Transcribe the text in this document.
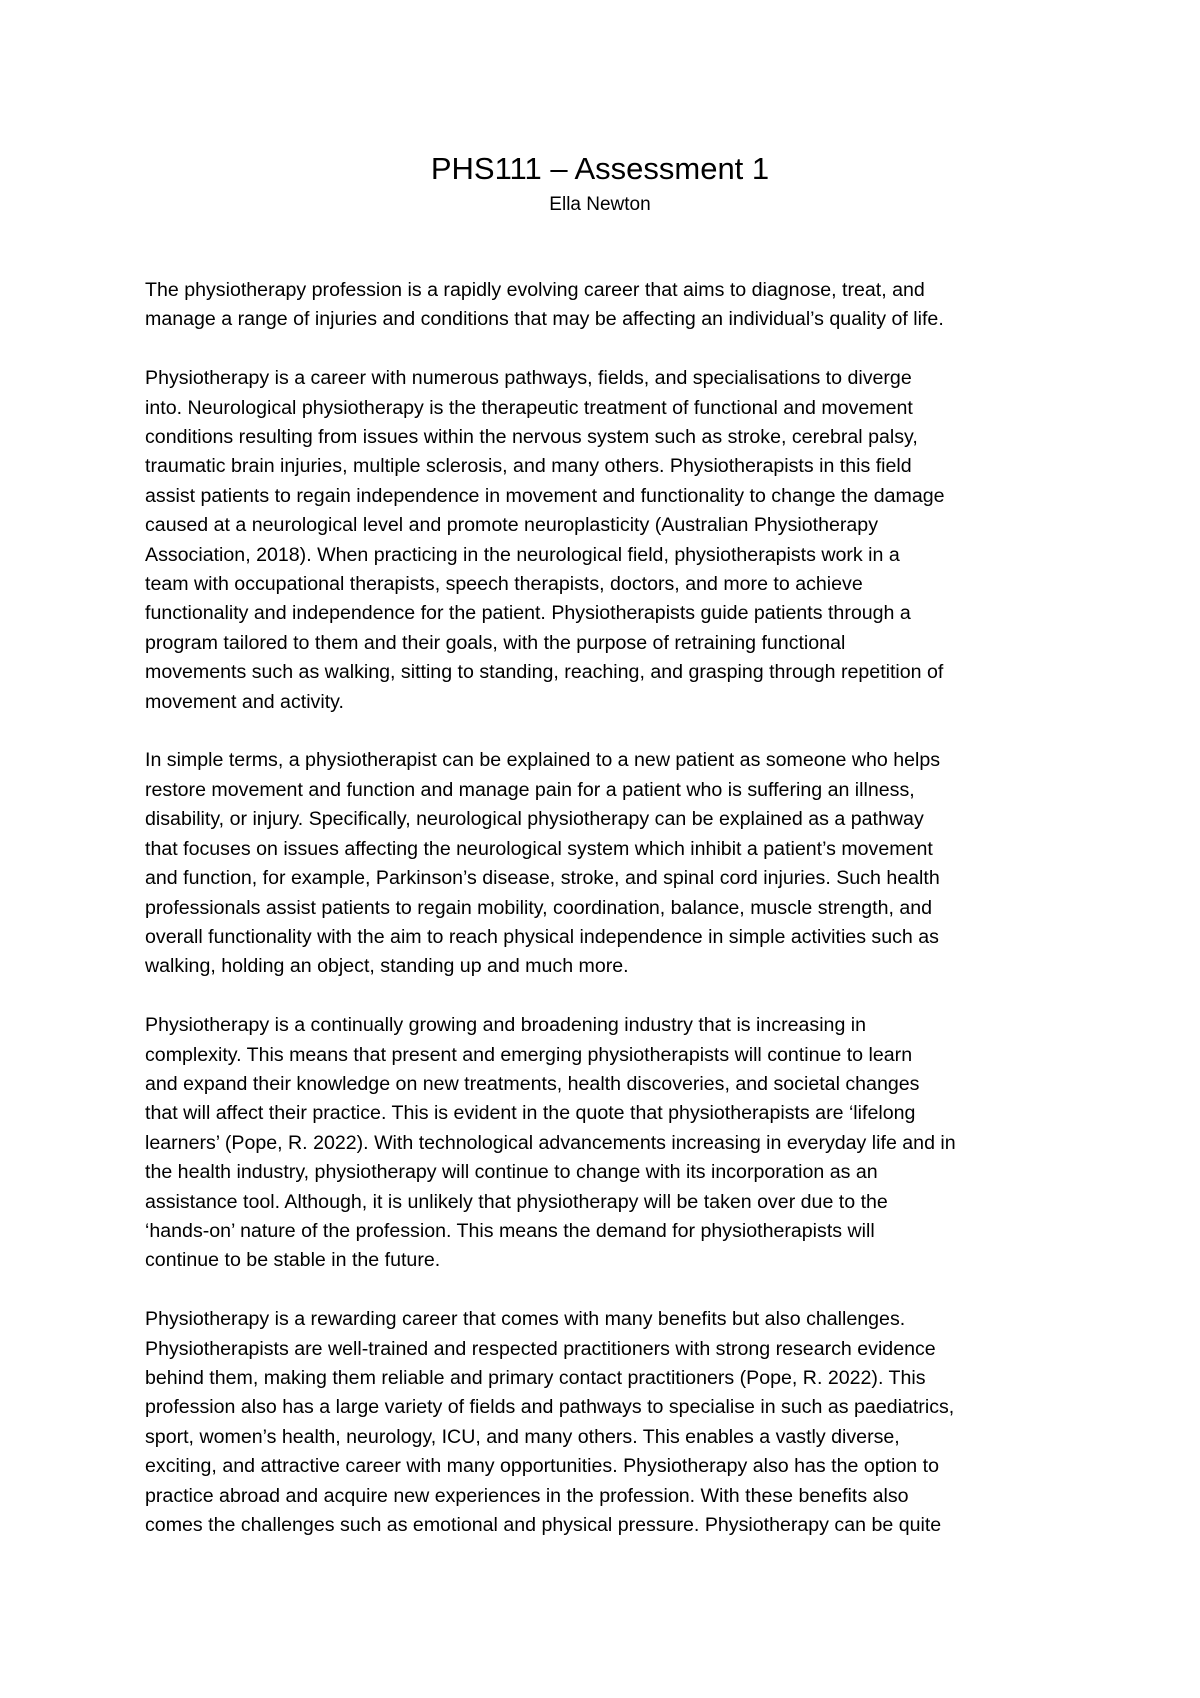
PHS111 – Assessment 1
Ella Newton

The physiotherapy profession is a rapidly evolving career that aims to diagnose, treat, and
manage a range of injuries and conditions that may be affecting an individual’s quality of life.

Physiotherapy is a career with numerous pathways, fields, and specialisations to diverge
into. Neurological physiotherapy is the therapeutic treatment of functional and movement
conditions resulting from issues within the nervous system such as stroke, cerebral palsy,
traumatic brain injuries, multiple sclerosis, and many others. Physiotherapists in this field
assist patients to regain independence in movement and functionality to change the damage
caused at a neurological level and promote neuroplasticity (Australian Physiotherapy
Association, 2018). When practicing in the neurological field, physiotherapists work in a
team with occupational therapists, speech therapists, doctors, and more to achieve
functionality and independence for the patient. Physiotherapists guide patients through a
program tailored to them and their goals, with the purpose of retraining functional
movements such as walking, sitting to standing, reaching, and grasping through repetition of
movement and activity.

In simple terms, a physiotherapist can be explained to a new patient as someone who helps
restore movement and function and manage pain for a patient who is suffering an illness,
disability, or injury. Specifically, neurological physiotherapy can be explained as a pathway
that focuses on issues affecting the neurological system which inhibit a patient’s movement
and function, for example, Parkinson’s disease, stroke, and spinal cord injuries. Such health
professionals assist patients to regain mobility, coordination, balance, muscle strength, and
overall functionality with the aim to reach physical independence in simple activities such as
walking, holding an object, standing up and much more.

Physiotherapy is a continually growing and broadening industry that is increasing in
complexity. This means that present and emerging physiotherapists will continue to learn
and expand their knowledge on new treatments, health discoveries, and societal changes
that will affect their practice. This is evident in the quote that physiotherapists are ‘lifelong
learners’ (Pope, R. 2022). With technological advancements increasing in everyday life and in
the health industry, physiotherapy will continue to change with its incorporation as an
assistance tool. Although, it is unlikely that physiotherapy will be taken over due to the
‘hands-on’ nature of the profession. This means the demand for physiotherapists will
continue to be stable in the future.

Physiotherapy is a rewarding career that comes with many benefits but also challenges.
Physiotherapists are well-trained and respected practitioners with strong research evidence
behind them, making them reliable and primary contact practitioners (Pope, R. 2022). This
profession also has a large variety of fields and pathways to specialise in such as paediatrics,
sport, women’s health, neurology, ICU, and many others. This enables a vastly diverse,
exciting, and attractive career with many opportunities. Physiotherapy also has the option to
practice abroad and acquire new experiences in the profession. With these benefits also
comes the challenges such as emotional and physical pressure. Physiotherapy can be quite
